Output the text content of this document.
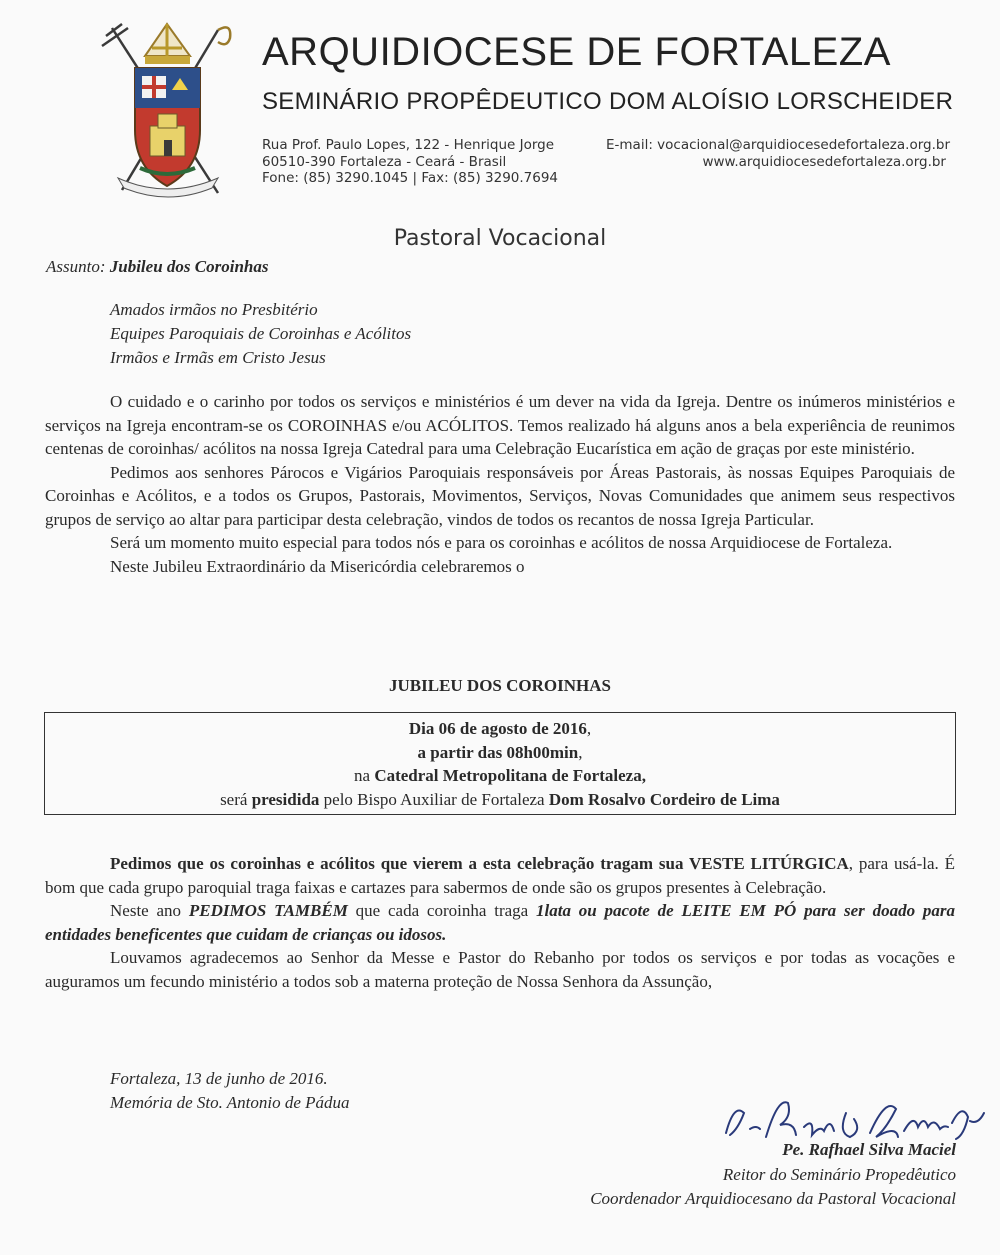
ARQUIDIOCESE DE FORTALEZA
SEMINÁRIO PROPÊDEUTICO DOM ALOÍSIO LORSCHEIDER
Rua Prof. Paulo Lopes, 122 - Henrique Jorge
60510-390 Fortaleza - Ceará - Brasil
Fone: (85) 3290.1045 | Fax: (85) 3290.7694
E-mail: vocacional@arquidiocesedefortaleza.org.br
www.arquidiocesedefortaleza.org.br
Pastoral Vocacional
Assunto: Jubileu dos Coroinhas
Amados irmãos no Presbitério
Equipes Paroquiais de Coroinhas e Acólitos
Irmãos e Irmãs em Cristo Jesus

O cuidado e o carinho por todos os serviços e ministérios é um dever na vida da Igreja. Dentre os inúmeros ministérios e serviços na Igreja encontram-se os COROINHAS e/ou ACÓLITOS. Temos realizado há alguns anos a bela experiência de reunimos centenas de coroinhas/ acólitos na nossa Igreja Catedral para uma Celebração Eucarística em ação de graças por este ministério.

Pedimos aos senhores Párocos e Vigários Paroquiais responsáveis por Áreas Pastorais, às nossas Equipes Paroquiais de Coroinhas e Acólitos, e a todos os Grupos, Pastorais, Movimentos, Serviços, Novas Comunidades que animem seus respectivos grupos de serviço ao altar para participar desta celebração, vindos de todos os recantos de nossa Igreja Particular.

Será um momento muito especial para todos nós e para os coroinhas e acólitos de nossa Arquidiocese de Fortaleza.

Neste Jubileu Extraordinário da Misericórdia celebraremos o

JUBILEU DOS COROINHAS
Dia 06 de agosto de 2016,
a partir das 08h00min,
na Catedral Metropolitana de Fortaleza,
será presidida pelo Bispo Auxiliar de Fortaleza Dom Rosalvo Cordeiro de Lima

Pedimos que os coroinhas e acólitos que vierem a esta celebração tragam sua VESTE LITÚRGICA, para usá-la. É bom que cada grupo paroquial traga faixas e cartazes para sabermos de onde são os grupos presentes à Celebração.

Neste ano PEDIMOS TAMBÉM que cada coroinha traga 1lata ou pacote de LEITE EM PÓ para ser doado para entidades beneficentes que cuidam de crianças ou idosos.

Louvamos agradecemos ao Senhor da Messe e Pastor do Rebanho por todos os serviços e por todas as vocações e auguramos um fecundo ministério a todos sob a materna proteção de Nossa Senhora da Assunção,

Fortaleza, 13 de junho de 2016.
Memória de Sto. Antonio de Pádua
Pe. Rafhael Silva Maciel
Reitor do Seminário Propedêutico
Coordenador Arquidiocesano da Pastoral Vocacional
